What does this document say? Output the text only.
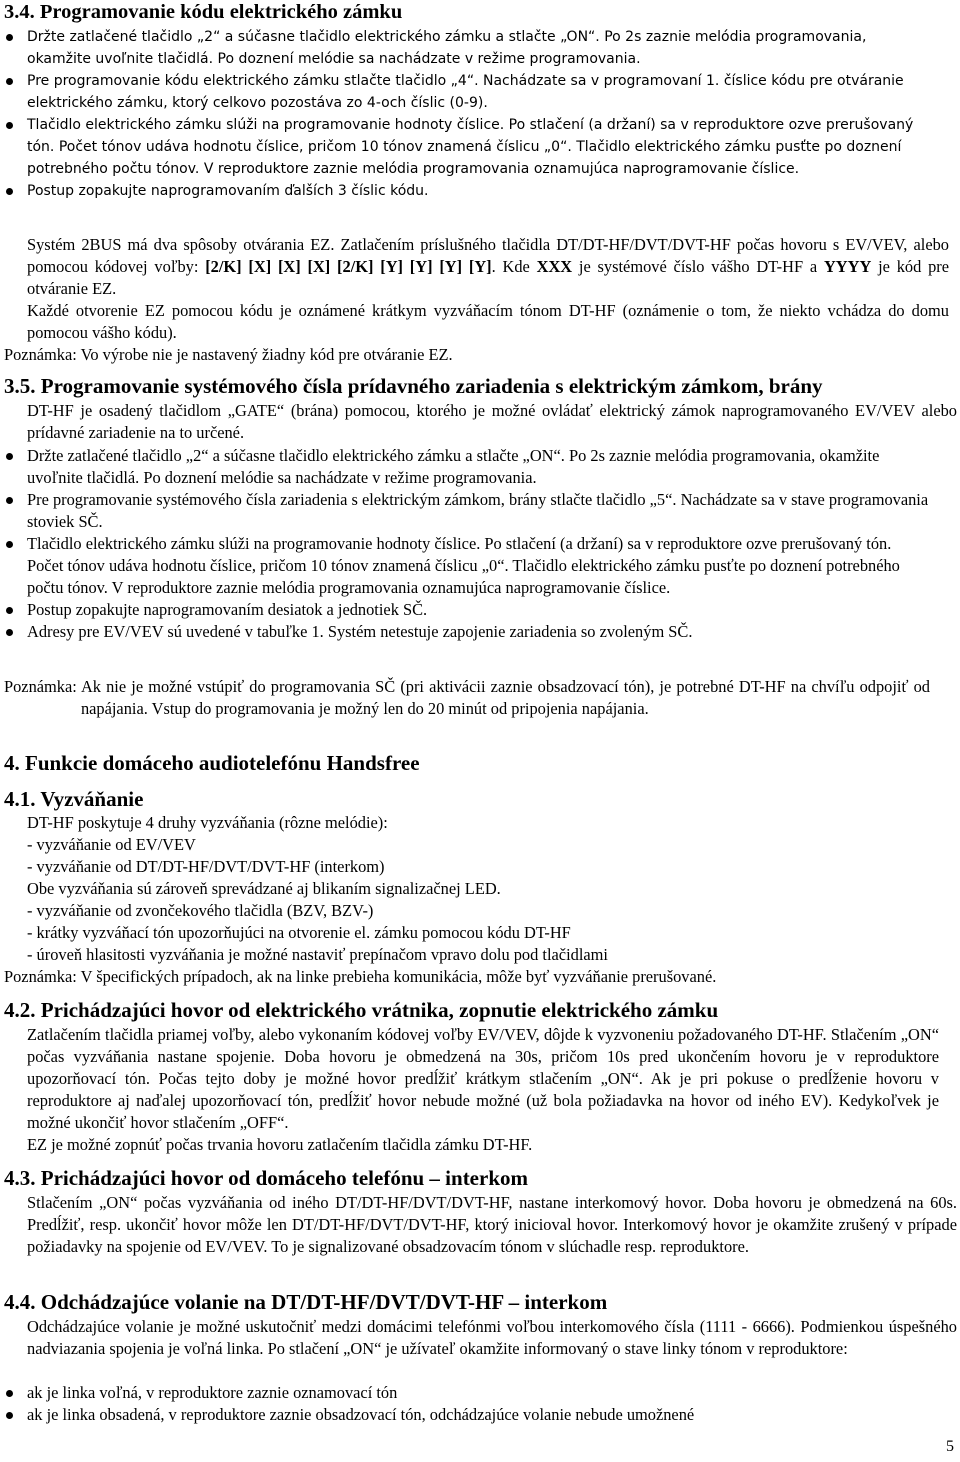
3.4. Programovanie kódu elektrického zámku
Držte zatlačené tlačidlo „2“ a súčasne tlačidlo elektrického zámku a stlačte „ON“. Po 2s zaznie melódia programovania, okamžite uvoľnite tlačidlá. Po doznení melódie sa nachádzate v režime programovania.
Pre programovanie kódu elektrického zámku stlačte tlačidlo „4“. Nachádzate sa v programovaní 1. číslice kódu pre otváranie elektrického zámku, ktorý celkovo pozostáva zo 4-och číslic (0-9).
Tlačidlo elektrického zámku slúži na programovanie hodnoty číslice. Po stlačení (a držaní) sa v reproduktore ozve prerušovaný tón. Počet tónov udáva hodnotu číslice, pričom 10 tónov znamená číslicu „0“. Tlačidlo elektrického zámku pusťte po doznení potrebného počtu tónov. V reproduktore zaznie melódia programovania oznamujúca naprogramovanie číslice.
Postup zopakujte naprogramovaním ďalších 3 číslic kódu.
Systém 2BUS má dva spôsoby otvárania EZ. Zatlačením príslušného tlačidla DT/DT-HF/DVT/DVT-HF počas hovoru s EV/VEV, alebo pomocou kódovej voľby: [2/K] [X] [X] [X] [2/K] [Y] [Y] [Y] [Y]. Kde XXX je systémové číslo vášho DT-HF a YYYY je kód pre otváranie EZ.
Každé otvorenie EZ pomocou kódu je oznámené krátkym vyzváňacím tónom DT-HF (oznámenie o tom, že niekto vchádza do domu pomocou vášho kódu).
Poznámka: Vo výrobe nie je nastavený žiadny kód pre otváranie EZ.
3.5. Programovanie systémového čísla prídavného zariadenia s elektrickým zámkom, brány
DT-HF je osadený tlačidlom „GATE“ (brána) pomocou, ktorého je možné ovládať elektrický zámok naprogramovaného EV/VEV alebo prídavné zariadenie na to určené.
Držte zatlačené tlačidlo „2“ a súčasne tlačidlo elektrického zámku a stlačte „ON“. Po 2s zaznie melódia programovania, okamžite uvoľnite tlačidlá. Po doznení melódie sa nachádzate v režime programovania.
Pre programovanie systémového čísla zariadenia s elektrickým zámkom, brány stlačte tlačidlo „5“. Nachádzate sa v stave programovania stoviek SČ.
Tlačidlo elektrického zámku slúži na programovanie hodnoty číslice. Po stlačení (a držaní) sa v reproduktore ozve prerušovaný tón. Počet tónov udáva hodnotu číslice, pričom 10 tónov znamená číslicu „0“. Tlačidlo elektrického zámku pusťte po doznení potrebného počtu tónov. V reproduktore zaznie melódia programovania oznamujúca naprogramovanie číslice.
Postup zopakujte naprogramovaním desiatok a jednotiek SČ.
Adresy pre EV/VEV sú uvedené v tabuľke 1. Systém netestuje zapojenie zariadenia so zvoleným SČ.
Poznámka: Ak nie je možné vstúpiť do programovania SČ (pri aktivácii zaznie obsadzovací tón), je potrebné DT-HF na chvíľu odpojiť od napájania. Vstup do programovania je možný len do 20 minút od pripojenia napájania.
4. Funkcie domáceho audiotelefónu Handsfree
4.1. Vyzváňanie

DT-HF poskytuje 4 druhy vyzváňania (rôzne melódie):

- vyzváňanie od EV/VEV

- vyzváňanie od DT/DT-HF/DVT/DVT-HF (interkom)

Obe vyzváňania sú zároveň sprevádzané aj blikaním signalizačnej LED.

- vyzváňanie od zvončekového tlačidla (BZV, BZV-)

- krátky vyzváňací tón upozorňujúci na otvorenie el. zámku pomocou kódu DT-HF

- úroveň hlasitosti vyzváňania je možné nastaviť prepínačom vpravo dolu pod tlačidlami

Poznámka: V špecifických prípadoch, ak na linke prebieha komunikácia, môže byť vyzváňanie prerušované.
4.2. Prichádzajúci hovor od elektrického vrátnika, zopnutie elektrického zámku
Zatlačením tlačidla priamej voľby, alebo vykonaním kódovej voľby EV/VEV, dôjde k vyzvoneniu požadovaného DT-HF. Stlačením „ON“ počas vyzváňania nastane spojenie. Doba hovoru je obmedzená na 30s, pričom 10s pred ukončením hovoru je v reproduktore upozorňovací tón. Počas tejto doby je možné hovor predĺžiť krátkym stlačením „ON“. Ak je pri pokuse o predĺženie hovoru v reproduktore aj naďalej upozorňovací tón, predĺžiť hovor nebude možné (už bola požiadavka na hovor od iného EV). Kedykoľvek je možné ukončiť hovor stlačením „OFF“.
EZ je možné zopnúť počas trvania hovoru zatlačením tlačidla zámku DT-HF.
4.3. Prichádzajúci hovor od domáceho telefónu – interkom
Stlačením „ON“ počas vyzváňania od iného DT/DT-HF/DVT/DVT-HF, nastane interkomový hovor. Doba hovoru je obmedzená na 60s. Predĺžiť, resp. ukončiť hovor môže len DT/DT-HF/DVT/DVT-HF, ktorý inicioval hovor. Interkomový hovor je okamžite zrušený v prípade požiadavky na spojenie od EV/VEV. To je signalizované obsadzovacím tónom v slúchadle resp. reproduktore.
4.4. Odchádzajúce volanie na DT/DT-HF/DVT/DVT-HF – interkom
Odchádzajúce volanie je možné uskutočniť medzi domácimi telefónmi voľbou interkomového čísla (1111 - 6666). Podmienkou úspešného nadviazania spojenia je voľná linka. Po stlačení „ON“ je užívateľ okamžite informovaný o stave linky tónom v reproduktore:
ak je linka voľná, v reproduktore zaznie oznamovací tón
ak je linka obsadená, v reproduktore zaznie obsadzovací tón, odchádzajúce volanie nebude umožnené
5
